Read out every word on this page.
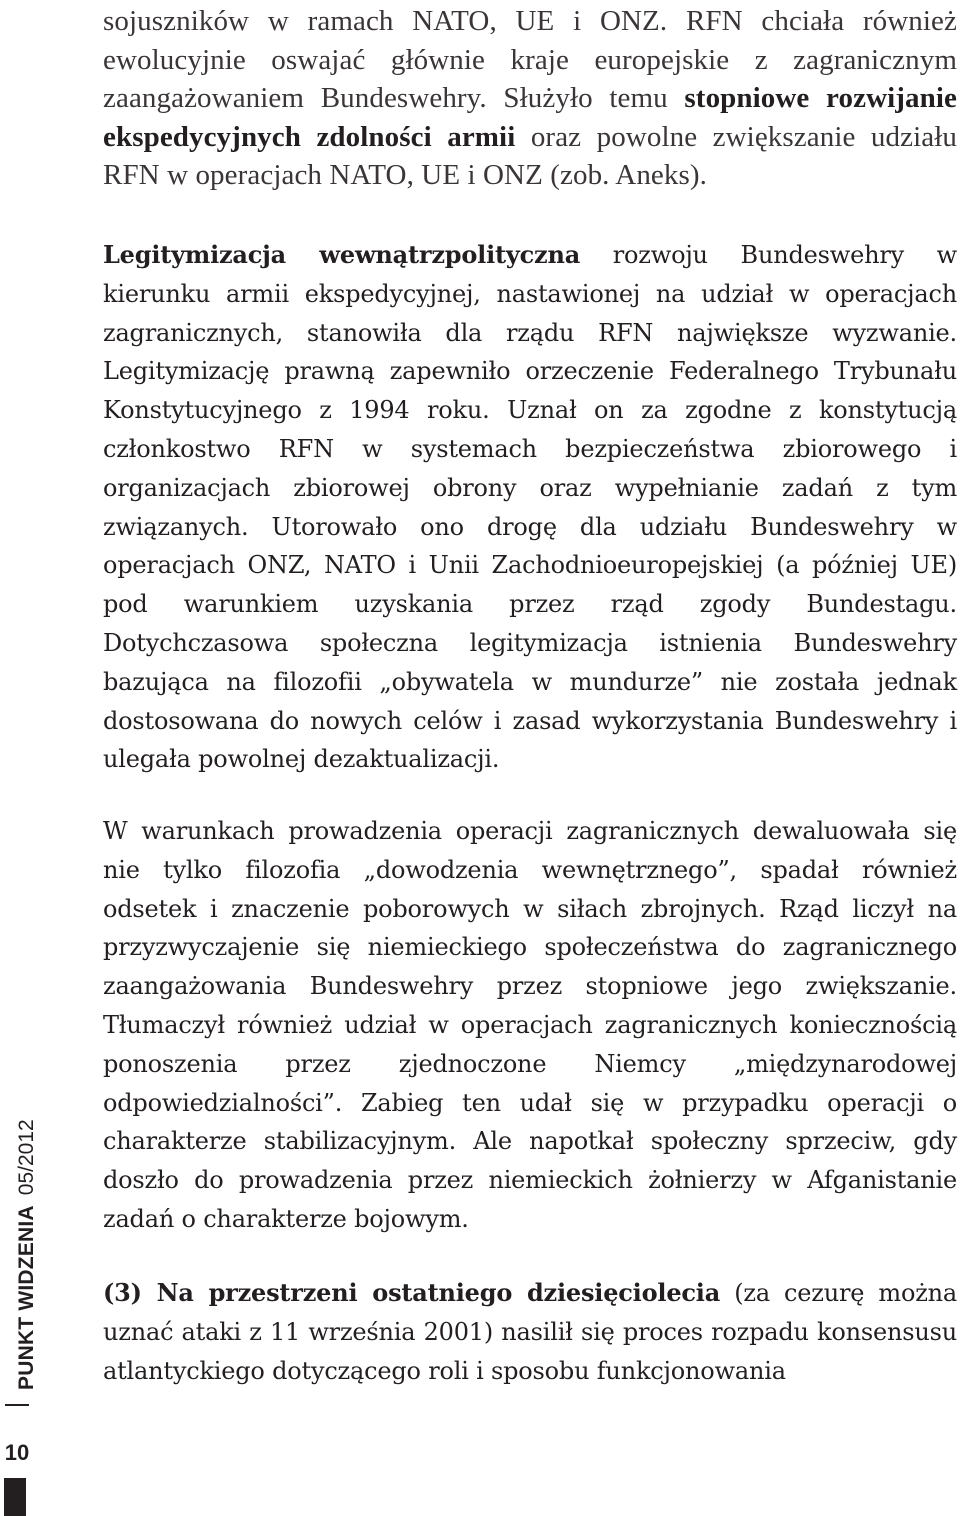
sojuszników w ramach NATO, UE i ONZ. RFN chciała również ewolucyjnie oswajać głównie kraje europejskie z zagranicznym zaangażowaniem Bundeswehry. Służyło temu stopniowe rozwijanie ekspedycyjnych zdolności armii oraz powolne zwiększanie udziału RFN w operacjach NATO, UE i ONZ (zob. Aneks).
Legitymizacja wewnątrzpolityczna rozwoju Bundeswehry w kierunku armii ekspedycyjnej, nastawionej na udział w operacjach zagranicznych, stanowiła dla rządu RFN największe wyzwanie. Legitymizację prawną zapewniło orzeczenie Federalnego Trybunału Konstytucyjnego z 1994 roku. Uznał on za zgodne z konstytucją członkostwo RFN w systemach bezpieczeństwa zbiorowego i organizacjach zbiorowej obrony oraz wypełnianie zadań z tym związanych. Utorowało ono drogę dla udziału Bundeswehry w operacjach ONZ, NATO i Unii Zachodnioeuropejskiej (a później UE) pod warunkiem uzyskania przez rząd zgody Bundestagu. Dotychczasowa społeczna legitymizacja istnienia Bundeswehry bazująca na filozofii „obywatela w mundurze” nie została jednak dostosowana do nowych celów i zasad wykorzystania Bundeswehry i ulegała powolnej dezaktualizacji.
W warunkach prowadzenia operacji zagranicznych dewaluowała się nie tylko filozofia „dowodzenia wewnętrznego”, spadał również odsetek i znaczenie poborowych w siłach zbrojnych. Rząd liczył na przyzwyczajenie się niemieckiego społeczeństwa do zagranicznego zaangażowania Bundeswehry przez stopniowe jego zwiększanie. Tłumaczył również udział w operacjach zagranicznych koniecznością ponoszenia przez zjednoczone Niemcy „międzynarodowej odpowiedzialności”. Zabieg ten udał się w przypadku operacji o charakterze stabilizacyjnym. Ale napotkał społeczny sprzeciw, gdy doszło do prowadzenia przez niemieckich żołnierzy w Afganistanie zadań o charakterze bojowym.
(3) Na przestrzeni ostatniego dziesięciolecia (za cezurę można uznać ataki z 11 września 2001) nasilił się proces rozpadu konsensusu atlantyckiego dotyczącego roli i sposobu funkcjonowania
PUNKT WIDZENIA05/2012
10
